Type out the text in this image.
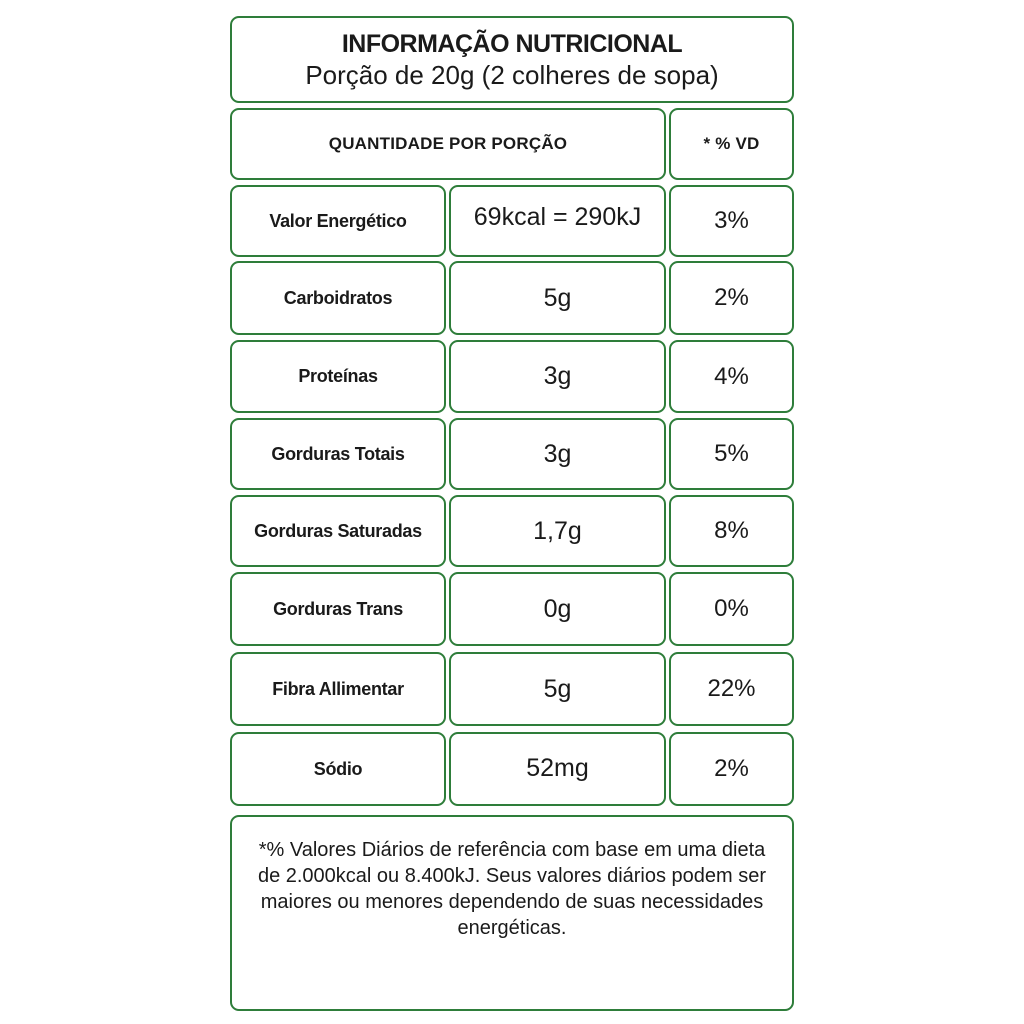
INFORMAÇÃO NUTRICIONAL
Porção de 20g (2 colheres de sopa)
QUANTIDADE POR PORÇÃO	* % VD
Valor Energético	69kcal = 290kJ	3%
Carboidratos	5g	2%
Proteínas	3g	4%
Gorduras Totais	3g	5%
Gorduras Saturadas	1,7g	8%
Gorduras Trans	0g	0%
Fibra Allimentar	5g	22%
Sódio	52mg	2%
*% Valores Diários de referência com base em uma dieta de 2.000kcal ou 8.400kJ. Seus valores diários podem ser maiores ou menores dependendo de suas necessidades energéticas.
